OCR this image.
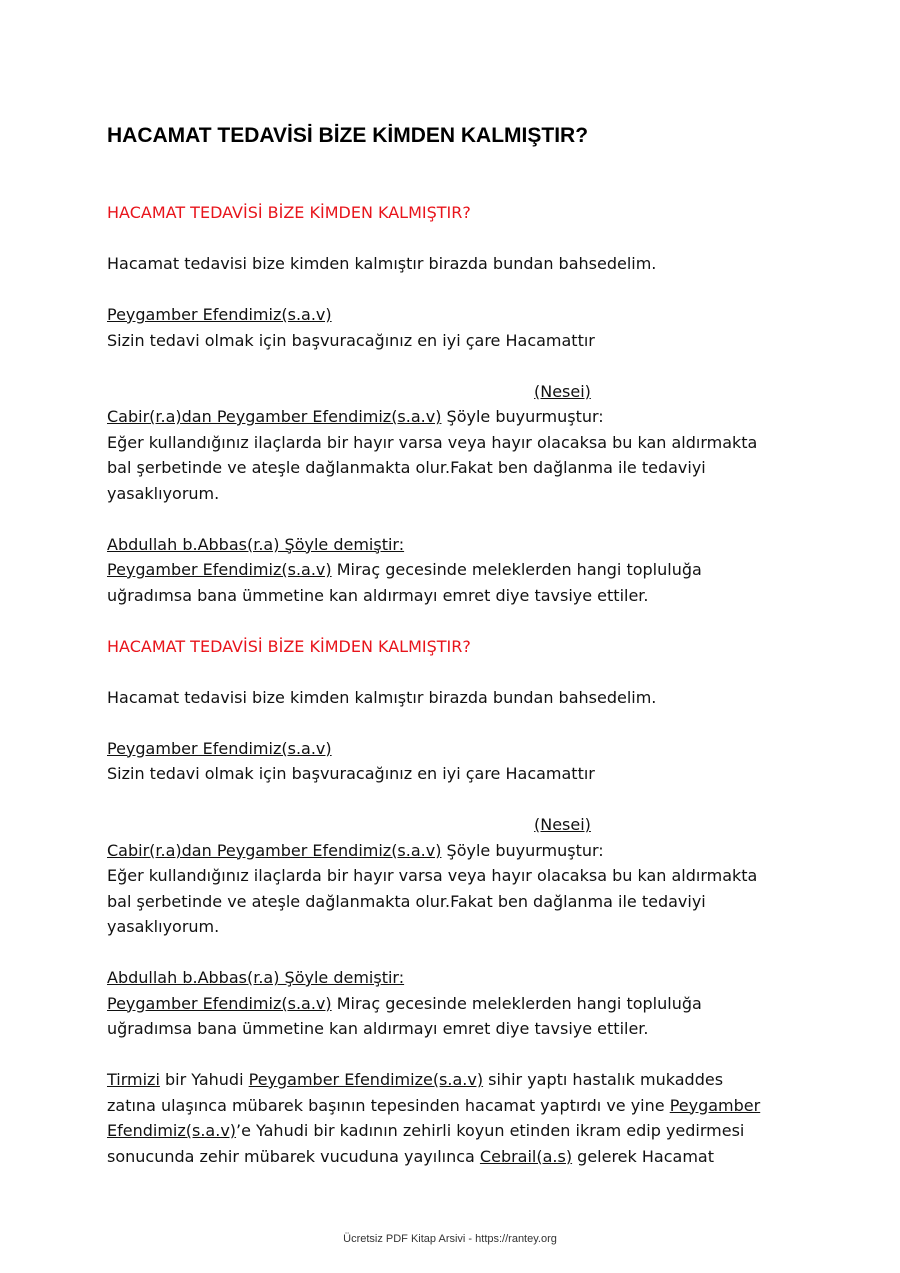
HACAMAT TEDAVİSİ BİZE KİMDEN KALMIŞTIR?

HACAMAT TEDAVİSİ BİZE KİMDEN KALMIŞTIR?

Hacamat tedavisi bize kimden kalmıştır birazda bundan bahsedelim.

Peygamber Efendimiz(s.a.v)

Sizin tedavi olmak için başvuracağınız en iyi çare Hacamattır

(Nesei)

Cabir(r.a)dan Peygamber Efendimiz(s.a.v) Şöyle buyurmuştur:

Eğer kullandığınız ilaçlarda bir hayır varsa veya hayır olacaksa bu kan aldırmakta

bal şerbetinde ve ateşle dağlanmakta olur.Fakat ben dağlanma ile tedaviyi

yasaklıyorum.

Abdullah b.Abbas(r.a) Şöyle demiştir:

Peygamber Efendimiz(s.a.v) Miraç gecesinde meleklerden hangi topluluğa

uğradımsa bana ümmetine kan aldırmayı emret diye tavsiye ettiler.

HACAMAT TEDAVİSİ BİZE KİMDEN KALMIŞTIR?

Hacamat tedavisi bize kimden kalmıştır birazda bundan bahsedelim.

Peygamber Efendimiz(s.a.v)

Sizin tedavi olmak için başvuracağınız en iyi çare Hacamattır

(Nesei)

Cabir(r.a)dan Peygamber Efendimiz(s.a.v) Şöyle buyurmuştur:

Eğer kullandığınız ilaçlarda bir hayır varsa veya hayır olacaksa bu kan aldırmakta

bal şerbetinde ve ateşle dağlanmakta olur.Fakat ben dağlanma ile tedaviyi

yasaklıyorum.

Abdullah b.Abbas(r.a) Şöyle demiştir:

Peygamber Efendimiz(s.a.v) Miraç gecesinde meleklerden hangi topluluğa

uğradımsa bana ümmetine kan aldırmayı emret diye tavsiye ettiler.

Tirmizi bir Yahudi Peygamber Efendimize(s.a.v) sihir yaptı hastalık mukaddes

zatına ulaşınca mübarek başının tepesinden hacamat yaptırdı ve yine Peygamber

Efendimiz(s.a.v)’e Yahudi bir kadının zehirli koyun etinden ikram edip yedirmesi

sonucunda zehir mübarek vucuduna yayılınca Cebrail(a.s) gelerek Hacamat

Ücretsiz PDF Kitap Arsivi - https://rantey.org
